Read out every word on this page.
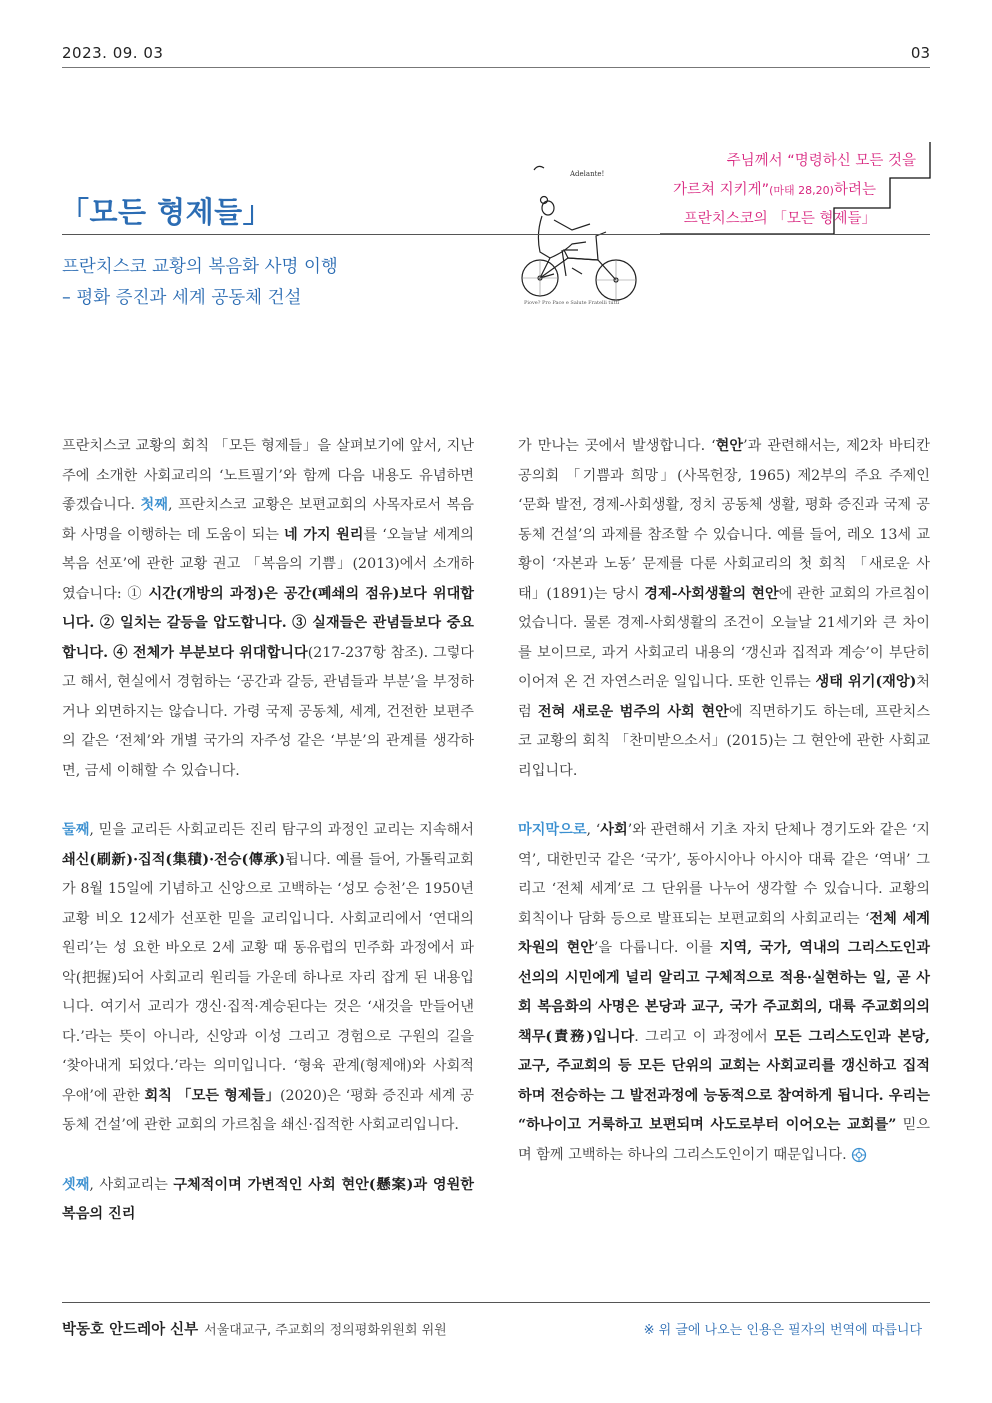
2023. 09. 03	03
주님께서 “명령하신 모든 것을
가르쳐 지키게”(마태 28,20)하려는
프란치스코의 「모든 형제들」
Adelante!
Piove? Pro Pace e Salute Fratelli tutti
「모든 형제들」
프란치스코 교황의 복음화 사명 이행
– 평화 증진과 세계 공동체 건설

프란치스코 교황의 회칙 「모든 형제들」을 살펴보기에 앞서, 지난주에 소개한 사회교리의 ‘노트필기’와 함께 다음 내용도 유념하면 좋겠습니다. 첫째, 프란치스코 교황은 보편교회의 사목자로서 복음화 사명을 이행하는 데 도움이 되는 네 가지 원리를 ‘오늘날 세계의 복음 선포’에 관한 교황 권고 「복음의 기쁨」(2013)에서 소개하였습니다: ① 시간(개방의 과정)은 공간(폐쇄의 점유)보다 위대합니다. ② 일치는 갈등을 압도합니다. ③ 실재들은 관념들보다 중요합니다. ④ 전체가 부분보다 위대합니다(217-237항 참조). 그렇다고 해서, 현실에서 경험하는 ‘공간과 갈등, 관념들과 부분’을 부정하거나 외면하지는 않습니다. 가령 국제 공동체, 세계, 건전한 보편주의 같은 ‘전체’와 개별 국가의 자주성 같은 ‘부분’의 관계를 생각하면, 금세 이해할 수 있습니다.

둘째, 믿을 교리든 사회교리든 진리 탐구의 과정인 교리는 지속해서 쇄신(刷新)·집적(集積)·전승(傳承)됩니다. 예를 들어, 가톨릭교회가 8월 15일에 기념하고 신앙으로 고백하는 ‘성모 승천’은 1950년 교황 비오 12세가 선포한 믿을 교리입니다. 사회교리에서 ‘연대의 원리’는 성 요한 바오로 2세 교황 때 동유럽의 민주화 과정에서 파악(把握)되어 사회교리 원리들 가운데 하나로 자리 잡게 된 내용입니다. 여기서 교리가 갱신·집적·계승된다는 것은 ‘새것을 만들어낸다.’라는 뜻이 아니라, 신앙과 이성 그리고 경험으로 구원의 길을 ‘찾아내게 되었다.’라는 의미입니다. ‘형육 관계(형제애)와 사회적 우애’에 관한 회칙 「모든 형제들」(2020)은 ‘평화 증진과 세계 공동체 건설’에 관한 교회의 가르침을 쇄신·집적한 사회교리입니다.

셋째, 사회교리는 구체적이며 가변적인 사회 현안(懸案)과 영원한 복음의 진리

가 만나는 곳에서 발생합니다. ‘현안’과 관련해서는, 제2차 바티칸 공의회 「기쁨과 희망」(사목헌장, 1965) 제2부의 주요 주제인 ‘문화 발전, 경제-사회생활, 정치 공동체 생활, 평화 증진과 국제 공동체 건설’의 과제를 참조할 수 있습니다. 예를 들어, 레오 13세 교황이 ‘자본과 노동’ 문제를 다룬 사회교리의 첫 회칙 「새로운 사태」(1891)는 당시 경제-사회생활의 현안에 관한 교회의 가르침이었습니다. 물론 경제-사회생활의 조건이 오늘날 21세기와 큰 차이를 보이므로, 과거 사회교리 내용의 ‘갱신과 집적과 계승’이 부단히 이어져 온 건 자연스러운 일입니다. 또한 인류는 생태 위기(재앙)처럼 전혀 새로운 범주의 사회 현안에 직면하기도 하는데, 프란치스코 교황의 회칙 「찬미받으소서」(2015)는 그 현안에 관한 사회교리입니다.

마지막으로, ‘사회’와 관련해서 기초 자치 단체나 경기도와 같은 ‘지역’, 대한민국 같은 ‘국가’, 동아시아나 아시아 대륙 같은 ‘역내’ 그리고 ‘전체 세계’로 그 단위를 나누어 생각할 수 있습니다. 교황의 회칙이나 담화 등으로 발표되는 보편교회의 사회교리는 ‘전체 세계 차원의 현안’을 다룹니다. 이를 지역, 국가, 역내의 그리스도인과 선의의 시민에게 널리 알리고 구체적으로 적용·실현하는 일, 곧 사회 복음화의 사명은 본당과 교구, 국가 주교회의, 대륙 주교회의의 책무(責務)입니다. 그리고 이 과정에서 모든 그리스도인과 본당, 교구, 주교회의 등 모든 단위의 교회는 사회교리를 갱신하고 집적하며 전승하는 그 발전과정에 능동적으로 참여하게 됩니다. 우리는 “하나이고 거룩하고 보편되며 사도로부터 이어오는 교회를” 믿으며 함께 고백하는 하나의 그리스도인이기 때문입니다.

박동호 안드레아 신부 서울대교구, 주교회의 정의평화위원회 위원	※ 위 글에 나오는 인용은 필자의 번역에 따릅니다
